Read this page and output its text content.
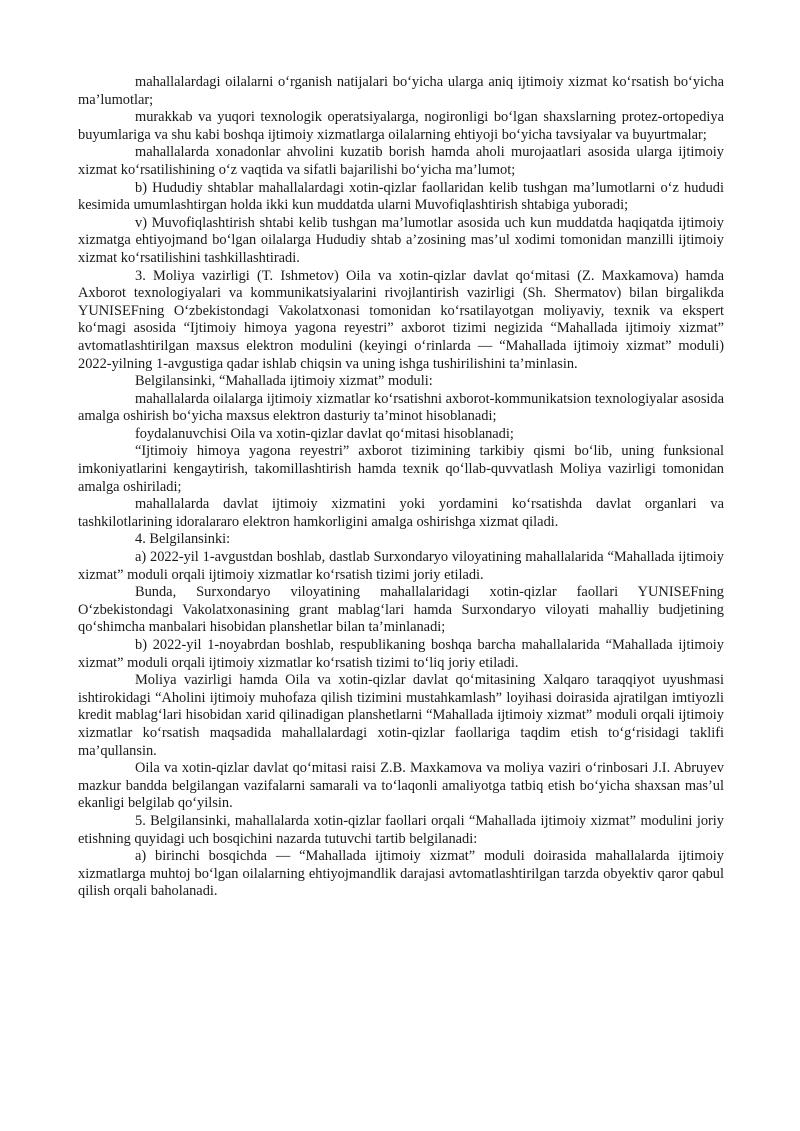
mahallalardagi oilalarni o‘rganish natijalari bo‘yicha ularga aniq ijtimoiy xizmat ko‘rsatish bo‘yicha ma’lumotlar;

murakkab va yuqori texnologik operatsiyalarga, nogironligi bo‘lgan shaxslarning protez-ortopediya buyumlariga va shu kabi boshqa ijtimoiy xizmatlarga oilalarning ehtiyoji bo‘yicha tavsiyalar va buyurtmalar;

mahallalarda xonadonlar ahvolini kuzatib borish hamda aholi murojaatlari asosida ularga ijtimoiy xizmat ko‘rsatilishining o‘z vaqtida va sifatli bajarilishi bo‘yicha ma’lumot;

b) Hududiy shtablar mahallalardagi xotin-qizlar faollaridan kelib tushgan ma’lumotlarni o‘z hududi kesimida umumlashtirgan holda ikki kun muddatda ularni Muvofiqlashtirish shtabiga yuboradi;

v) Muvofiqlashtirish shtabi kelib tushgan ma’lumotlar asosida uch kun muddatda haqiqatda ijtimoiy xizmatga ehtiyojmand bo‘lgan oilalarga Hududiy shtab a’zosining mas’ul xodimi tomonidan manzilli ijtimoiy xizmat ko‘rsatilishini tashkillashtiradi.

3. Moliya vazirligi (T. Ishmetov) Oila va xotin-qizlar davlat qo‘mitasi (Z. Maxkamova) hamda Axborot texnologiyalari va kommunikatsiyalarini rivojlantirish vazirligi (Sh. Shermatov) bilan birgalikda YUNISEFning O‘zbekistondagi Vakolatxonasi tomonidan ko‘rsatilayotgan moliyaviy, texnik va ekspert ko‘magi asosida “Ijtimoiy himoya yagona reyestri” axborot tizimi negizida “Mahallada ijtimoiy xizmat” avtomatlashtirilgan maxsus elektron modulini (keyingi o‘rinlarda — “Mahallada ijtimoiy xizmat” moduli) 2022-yilning 1-avgustiga qadar ishlab chiqsin va uning ishga tushirilishini ta’minlasin.

Belgilansinki, “Mahallada ijtimoiy xizmat” moduli:

mahallalarda oilalarga ijtimoiy xizmatlar ko‘rsatishni axborot-kommunikatsion texnologiyalar asosida amalga oshirish bo‘yicha maxsus elektron dasturiy ta’minot hisoblanadi;

foydalanuvchisi Oila va xotin-qizlar davlat qo‘mitasi hisoblanadi;

“Ijtimoiy himoya yagona reyestri” axborot tizimining tarkibiy qismi bo‘lib, uning funksional imkoniyatlarini kengaytirish, takomillashtirish hamda texnik qo‘llab-quvvatlash Moliya vazirligi tomonidan amalga oshiriladi;

mahallalarda davlat ijtimoiy xizmatini yoki yordamini ko‘rsatishda davlat organlari va tashkilotlarining idoralararo elektron hamkorligini amalga oshirishga xizmat qiladi.

4. Belgilansinki:

a) 2022-yil 1-avgustdan boshlab, dastlab Surxondaryo viloyatining mahallalarida “Mahallada ijtimoiy xizmat” moduli orqali ijtimoiy xizmatlar ko‘rsatish tizimi joriy etiladi.

Bunda, Surxondaryo viloyatining mahallalaridagi xotin-qizlar faollari YUNISEFning O‘zbekistondagi Vakolatxonasining grant mablag‘lari hamda Surxondaryo viloyati mahalliy budjetining qo‘shimcha manbalari hisobidan planshetlar bilan ta’minlanadi;

b) 2022-yil 1-noyabrdan boshlab, respublikaning boshqa barcha mahallalarida “Mahallada ijtimoiy xizmat” moduli orqali ijtimoiy xizmatlar ko‘rsatish tizimi to‘liq joriy etiladi.

Moliya vazirligi hamda Oila va xotin-qizlar davlat qo‘mitasining Xalqaro taraqqiyot uyushmasi ishtirokidagi “Aholini ijtimoiy muhofaza qilish tizimini mustahkamlash” loyihasi doirasida ajratilgan imtiyozli kredit mablag‘lari hisobidan xarid qilinadigan planshetlarni “Mahallada ijtimoiy xizmat” moduli orqali ijtimoiy xizmatlar ko‘rsatish maqsadida mahallalardagi xotin-qizlar faollariga taqdim etish to‘g‘risidagi taklifi ma’qullansin.

Oila va xotin-qizlar davlat qo‘mitasi raisi Z.B. Maxkamova va moliya vaziri o‘rinbosari J.I. Abruyev mazkur bandda belgilangan vazifalarni samarali va to‘laqonli amaliyotga tatbiq etish bo‘yicha shaxsan mas’ul ekanligi belgilab qo‘yilsin.

5. Belgilansinki, mahallalarda xotin-qizlar faollari orqali “Mahallada ijtimoiy xizmat” modulini joriy etishning quyidagi uch bosqichini nazarda tutuvchi tartib belgilanadi:

a) birinchi bosqichda — “Mahallada ijtimoiy xizmat” moduli doirasida mahallalarda ijtimoiy xizmatlarga muhtoj bo‘lgan oilalarning ehtiyojmandlik darajasi avtomatlashtirilgan tarzda obyektiv qaror qabul qilish orqali baholanadi.
